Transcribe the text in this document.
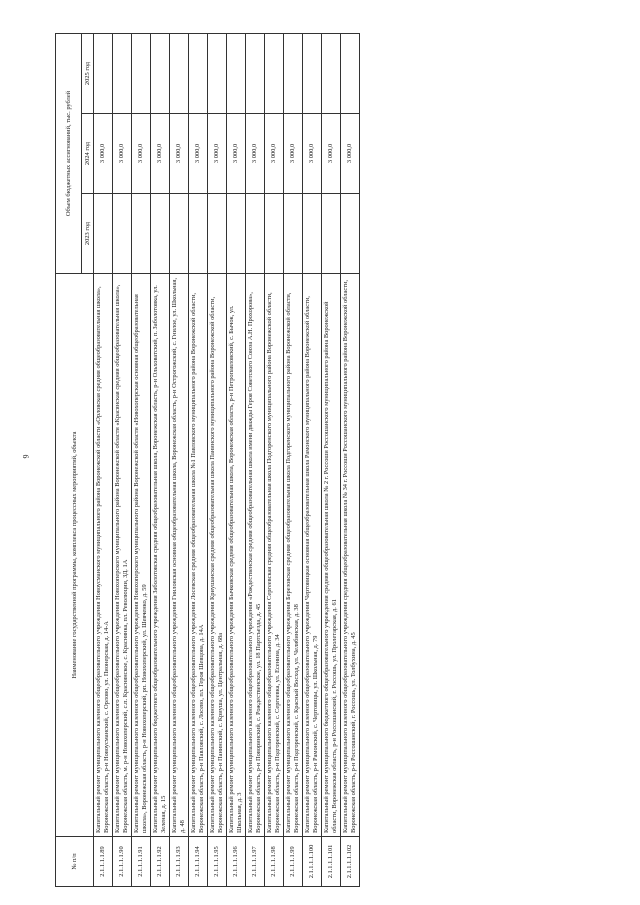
9
№ п/п	Наименование государственной программы, комплекса процессных мероприятий, объекта	Объем бюджетных ассигнований, тыс. рублей		
		2023 год	2024 год	2025 год
2.1.1.1.1.89	Капитальный ремонт муниципального казенного общеобразовательного учреждения Новоусманского муниципального района Воронежской области «Орловская средняя общеобразовательная школа», Воронежская область, р-н Новоусманский, с. Орлово, ул. Пионерская, д. 14-А		3 000,0	
2.1.1.1.1.90	Капитальный ремонт муниципального казенного общеобразовательного учреждения Новохоперского муниципального района Воронежской области «Красянская средняя общеобразовательная школа», Воронежская область, м. р-н Новохоперский, с.п. Краснянское, с. Краснянка, пл. Революции, ЗД. 1А		3 000,0	
2.1.1.1.1.91	Капитальный ремонт муниципального казенного общеобразовательного учреждения Новохоперского муниципального района Воронежской области «Новохоперская основная общеобразовательная школа», Воронежская область, р-н Новохоперский, рп. Новохоперский, ул. Шевченко, д. 59		3 000,0	
2.1.1.1.1.92	Капитальный ремонт муниципального бюджетного общеобразовательного учреждения Заболотовская средняя общеобразовательная школа, Воронежская область, р-н Ольховатский, п. Заболотовка, ул. Зеленая, д. 15		3 000,0	
2.1.1.1.1.93	Капитальный ремонт муниципального казенного общеобразовательного учреждения Гниловская основная общеобразовательная школа, Воронежская область, р-н Острогожский, с. Гнилое, ул. Школьная, д. 48		3 000,0	
2.1.1.1.1.94	Капитальный ремонт муниципального казенного общеобразовательного учреждения Лосевская средняя общеобразовательная школа №1 Павловского муниципального района Воронежской области, Воронежская область, р-н Павловский, с. Лосево, пл. Героя Шевцова, д. 14А		3 000,0	
2.1.1.1.1.95	Капитальный ремонт муниципального казенного общеобразовательного учреждения Криушанская средняя общеобразовательная школа Панинского муниципального района Воронежской области, Воронежская область, р-н Панинский, с. Криуша, ул. Центральная, д. 68а		3 000,0	
2.1.1.1.1.96	Капитальный ремонт муниципального казенного общеобразовательного учреждения Бычковская средняя общеобразовательная школа, Воронежская область, р-н Петропавловский, с. Бычок, ул. Школьная, д. 3		3 000,0	
2.1.1.1.1.97	Капитальный ремонт муниципального казенного общеобразовательного учреждения «Рождественская средняя общеобразовательная школа имени дважды Героя Советского Союза А.Н. Прохорова», Воронежская область, р-н Поворинский, с. Рождественское, ул. 18 Партсъезда, д. 45		3 000,0	
2.1.1.1.1.98	Капитальный ремонт муниципального казенного общеобразовательного учреждения Сергеевская средняя общеобразовательная школа Подгоренского муниципального района Воронежской области, Воронежская область, р-н Подгоренский, с. Сергеевка, ул. Есенина, д. 34		3 000,0	
2.1.1.1.1.99	Капитальный ремонт муниципального казенного общеобразовательного учреждения Березовская средняя общеобразовательная школа Подгоренского муниципального района Воронежской области, Воронежская область, р-н Подгоренский, с. Красный Восход, ул. Челябинская, д. 38		3 000,0	
2.1.1.1.1.100	Капитальный ремонт муниципального казенного общеобразовательного учреждения Чертовицкая основная общеобразовательная школа Рамонского муниципального района Воронежской области, Воронежская область, р-н Рамонский, с. Чертовицы, ул. Школьная, д. 79		3 000,0	
2.1.1.1.1.101	Капитальный ремонт муниципального бюджетного общеобразовательного учреждения средняя общеобразовательная школа № 2 г. Россоши Россошанского муниципального района Воронежской области, Воронежская область, р-н Россошанский, г. Россошь, ул. Пролетарская, д. 61		3 000,0	
2.1.1.1.1.102	Капитальный ремонт муниципального казенного общеобразовательного учреждения средняя общеобразовательная школа № 34 г. Россоши Россошанского муниципального района Воронежской области, Воронежская область, р-н Россошанский, г. Россошь, ул. Толбухина, д. 45		3 000,0	
